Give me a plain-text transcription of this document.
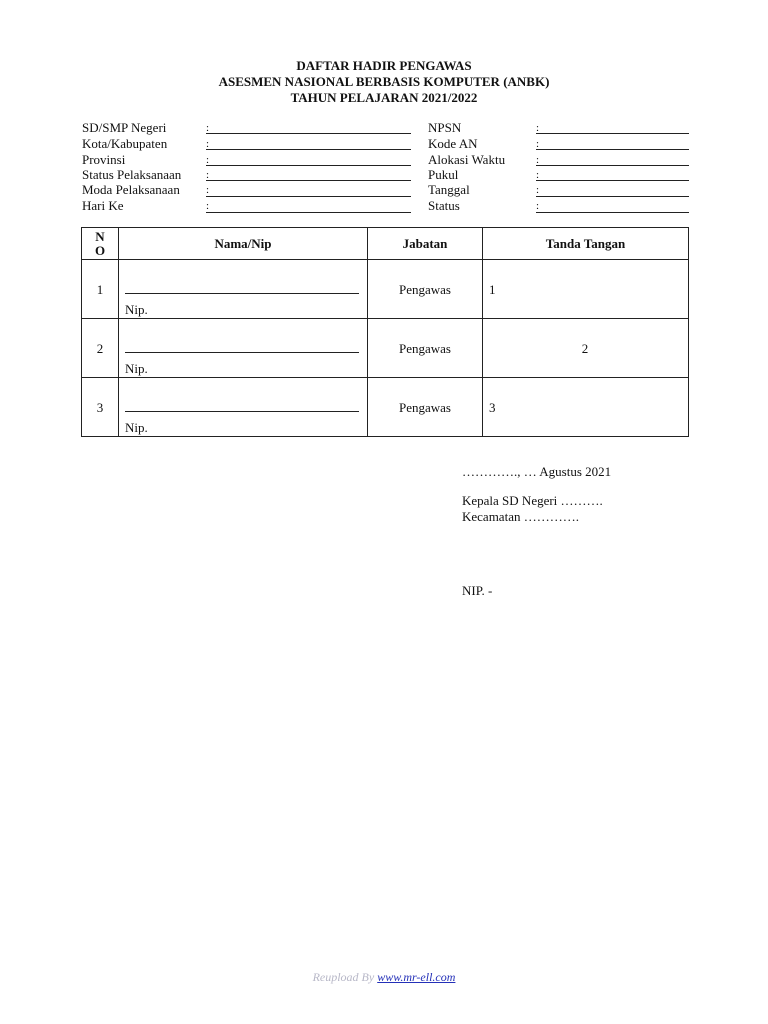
DAFTAR HADIR PENGAWAS
ASESMEN NASIONAL BERBASIS KOMPUTER (ANBK)
TAHUN PELAJARAN 2021/2022
SD/SMP Negeri	:
Kota/Kabupaten	:
Provinsi	:
Status Pelaksanaan :
Moda Pelaksanaan :
Hari Ke	:
NPSN	:
Kode AN	:
Alokasi Waktu	:
Pukul	:
Tanggal	:
Status	:
N
O	Nama/Nip	Jabatan	Tanda Tangan

1	Nip.	Pengawas	1

2	Nip.	Pengawas	2

3	Nip.	Pengawas	3
…………., … Agustus 2021
Kepala SD Negeri ……….
Kecamatan ………….
NIP. -
Reupload By www.mr-ell.com
